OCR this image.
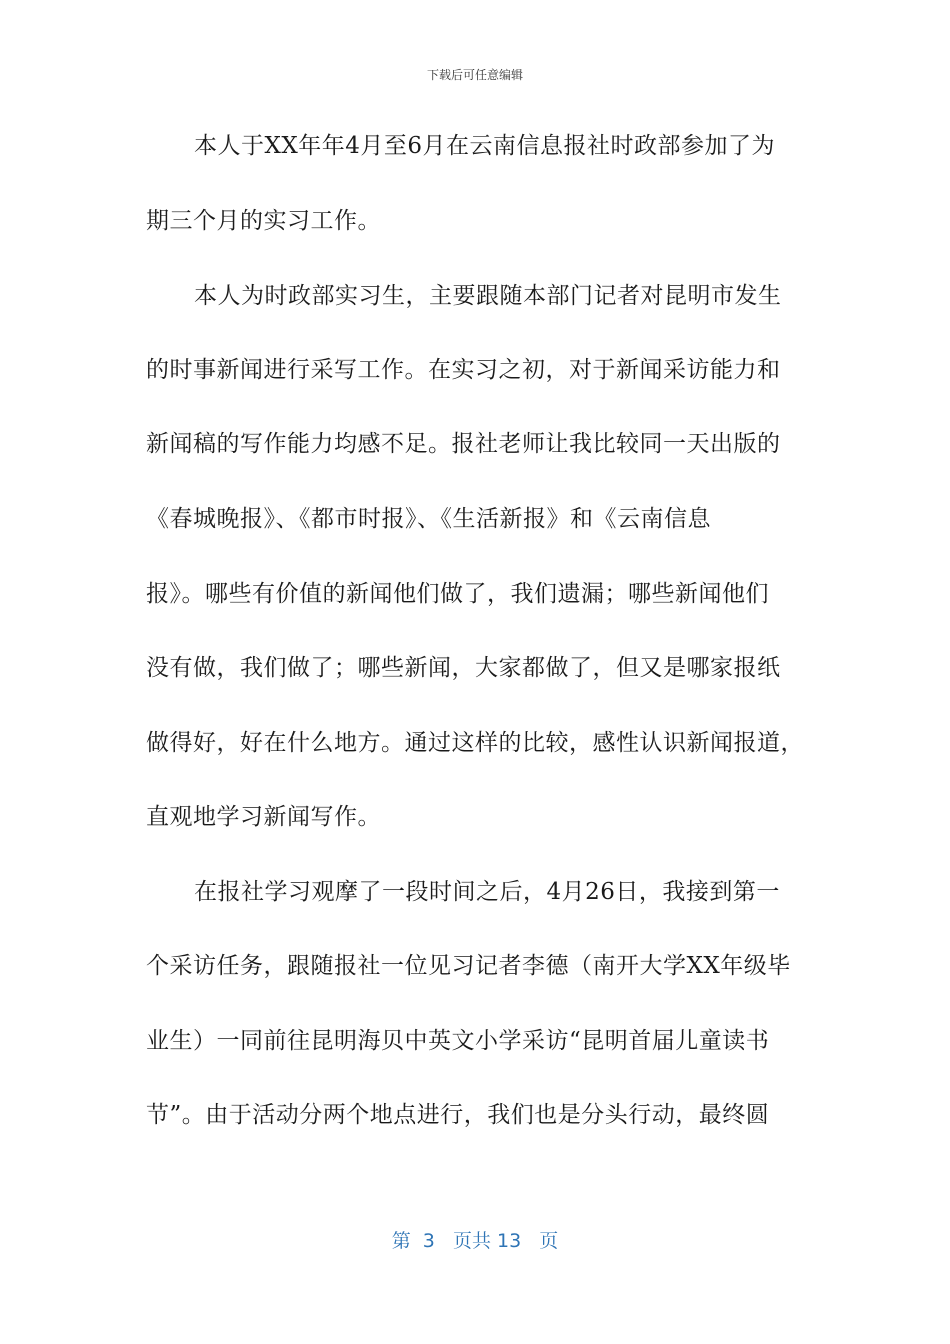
下载后可任意编辑
本人于XX年年4月至6月在云南信息报社时政部参加了为
期三个月的实习工作。
本人为时政部实习生，主要跟随本部门记者对昆明市发生
的时事新闻进行采写工作。在实习之初，对于新闻采访能力和
新闻稿的写作能力均感不足。报社老师让我比较同一天出版的
《春城晚报》、《都市时报》、《生活新报》和《云南信息
报》。哪些有价值的新闻他们做了，我们遗漏；哪些新闻他们
没有做，我们做了；哪些新闻，大家都做了，但又是哪家报纸
做得好，好在什么地方。通过这样的比较，感性认识新闻报道，
直观地学习新闻写作。
在报社学习观摩了一段时间之后，4月26日，我接到第一
个采访任务，跟随报社一位见习记者李德（南开大学XX年级毕
业生）一同前往昆明海贝中英文小学采访“昆明首届儿童读书
节”。由于活动分两个地点进行，我们也是分头行动，最终圆
第  3   页共 13   页
